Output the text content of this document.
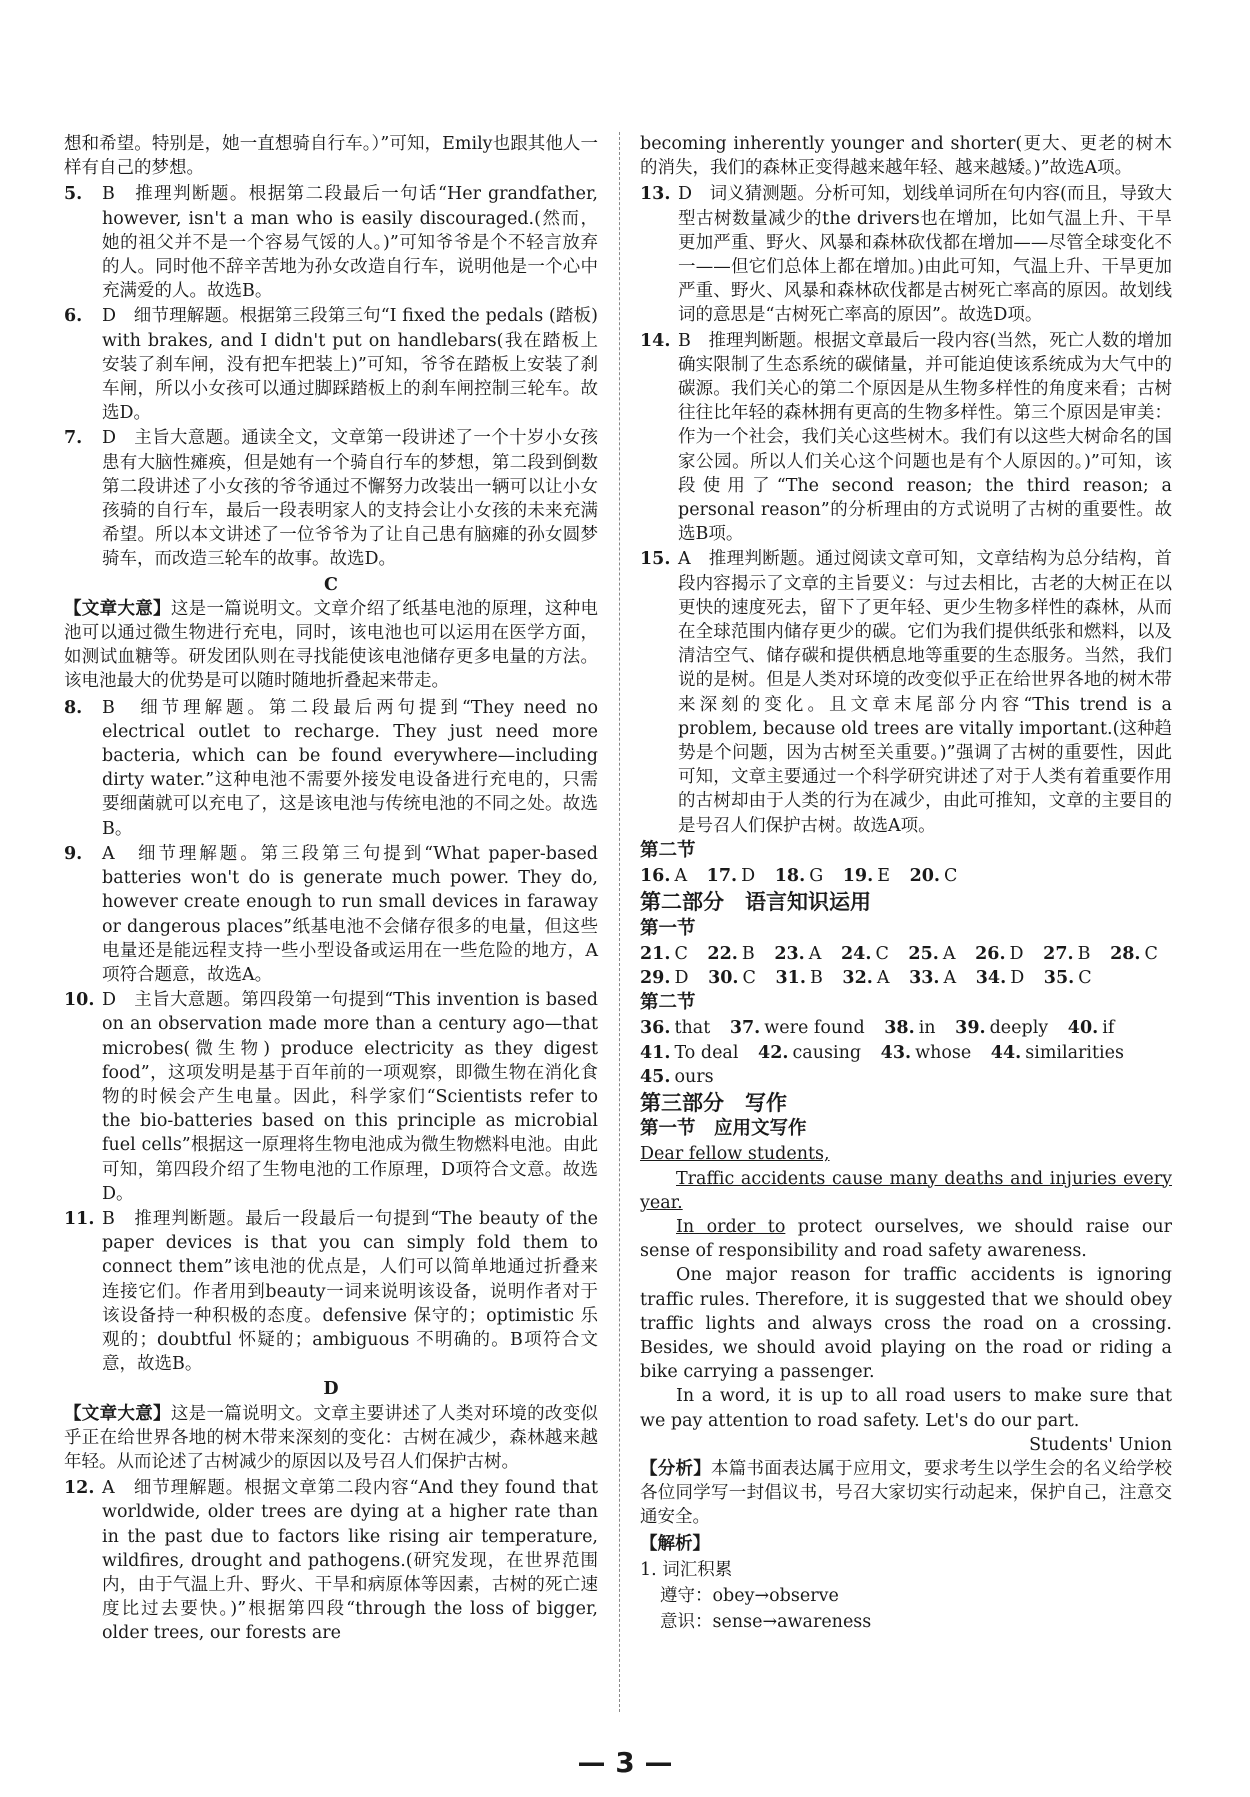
想和希望。特别是，她一直想骑自行车。）”可知，Emily也跟其他人一样有自己的梦想。

5. B　推理判断题。根据第二段最后一句话“Her grandfather, however, isn't a man who is easily discouraged.(然而，她的祖父并不是一个容易气馁的人。)”可知爷爷是个不轻言放弃的人。同时他不辞辛苦地为孙女改造自行车，说明他是一个心中充满爱的人。故选B。
6. D　细节理解题。根据第三段第三句“I fixed the pedals (踏板) with brakes, and I didn't put on handlebars(我在踏板上安装了刹车闸，没有把车把装上)”可知，爷爷在踏板上安装了刹车闸，所以小女孩可以通过脚踩踏板上的刹车闸控制三轮车。故选D。
7. D　主旨大意题。通读全文，文章第一段讲述了一个十岁小女孩患有大脑性瘫痪，但是她有一个骑自行车的梦想，第二段到倒数第二段讲述了小女孩的爷爷通过不懈努力改装出一辆可以让小女孩骑的自行车，最后一段表明家人的支持会让小女孩的未来充满希望。所以本文讲述了一位爷爷为了让自己患有脑瘫的孙女圆梦骑车，而改造三轮车的故事。故选D。

C

【文章大意】这是一篇说明文。文章介绍了纸基电池的原理，这种电池可以通过微生物进行充电，同时，该电池也可以运用在医学方面，如测试血糖等。研发团队则在寻找能使该电池储存更多电量的方法。该电池最大的优势是可以随时随地折叠起来带走。

8. B　细节理解题。第二段最后两句提到“They need no electrical outlet to recharge. They just need more bacteria, which can be found everywhere—including dirty water.”这种电池不需要外接发电设备进行充电的，只需要细菌就可以充电了，这是该电池与传统电池的不同之处。故选B。
9. A　细节理解题。第三段第三句提到“What paper-based batteries won't do is generate much power. They do, however create enough to run small devices in faraway or dangerous places”纸基电池不会储存很多的电量，但这些电量还是能远程支持一些小型设备或运用在一些危险的地方，A项符合题意，故选A。
10. D　主旨大意题。第四段第一句提到“This invention is based on an observation made more than a century ago—that microbes(微生物) produce electricity as they digest food”，这项发明是基于百年前的一项观察，即微生物在消化食物的时候会产生电量。因此，科学家们“Scientists refer to the bio-batteries based on this principle as microbial fuel cells”根据这一原理将生物电池成为微生物燃料电池。由此可知，第四段介绍了生物电池的工作原理，D项符合文意。故选D。
11. B　推理判断题。最后一段最后一句提到“The beauty of the paper devices is that you can simply fold them to connect them”该电池的优点是，人们可以简单地通过折叠来连接它们。作者用到beauty一词来说明该设备，说明作者对于该设备持一种积极的态度。defensive 保守的；optimistic 乐观的；doubtful 怀疑的；ambiguous 不明确的。B项符合文意，故选B。

D

【文章大意】这是一篇说明文。文章主要讲述了人类对环境的改变似乎正在给世界各地的树木带来深刻的变化：古树在减少，森林越来越年轻。从而论述了古树减少的原因以及号召人们保护古树。

12. A　细节理解题。根据文章第二段内容“And they found that worldwide, older trees are dying at a higher rate than in the past due to factors like rising air temperature, wildfires, drought and pathogens.(研究发现，在世界范围内，由于气温上升、野火、干旱和病原体等因素，古树的死亡速度比过去要快。)”根据第四段“through the loss of bigger, older trees, our forests are

becoming inherently younger and shorter(更大、更老的树木的消失，我们的森林正变得越来越年轻、越来越矮。)”故选A项。

13. D　词义猜测题。分析可知，划线单词所在句内容(而且，导致大型古树数量减少的the drivers也在增加，比如气温上升、干旱更加严重、野火、风暴和森林砍伐都在增加——尽管全球变化不一——但它们总体上都在增加。)由此可知，气温上升、干旱更加严重、野火、风暴和森林砍伐都是古树死亡率高的原因。故划线词的意思是“古树死亡率高的原因”。故选D项。
14. B　推理判断题。根据文章最后一段内容(当然，死亡人数的增加确实限制了生态系统的碳储量，并可能迫使该系统成为大气中的碳源。我们关心的第二个原因是从生物多样性的角度来看；古树往往比年轻的森林拥有更高的生物多样性。第三个原因是审美：作为一个社会，我们关心这些树木。我们有以这些大树命名的国家公园。所以人们关心这个问题也是有个人原因的。)”可知，该段使用了“The second reason; the third reason; a personal reason”的分析理由的方式说明了古树的重要性。故选B项。
15. A　推理判断题。通过阅读文章可知，文章结构为总分结构，首段内容揭示了文章的主旨要义：与过去相比，古老的大树正在以更快的速度死去，留下了更年轻、更少生物多样性的森林，从而在全球范围内储存更少的碳。它们为我们提供纸张和燃料，以及清洁空气、储存碳和提供栖息地等重要的生态服务。当然，我们说的是树。但是人类对环境的改变似乎正在给世界各地的树木带来深刻的变化。且文章末尾部分内容“This trend is a problem, because old trees are vitally important.(这种趋势是个问题，因为古树至关重要。)”强调了古树的重要性，因此可知，文章主要通过一个科学研究讲述了对于人类有着重要作用的古树却由于人类的行为在减少，由此可推知，文章的主要目的是号召人们保护古树。故选A项。

第二节

16. A 17. D 18. G 19. E 20. C

第二部分　语言知识运用

第一节

21. C 22. B 23. A 24. C 25. A 26. D 27. B 28. C

29. D 30. C 31. B 32. A 33. A 34. D 35. C

第二节

36. that 37. were found 38. in 39. deeply 40. if

41. To deal 42. causing 43. whose 44. similarities

45. ours

第三部分　写作

第一节　应用文写作

Dear fellow students,

Traffic accidents cause many deaths and injuries every year.

In order to protect ourselves, we should raise our sense of responsibility and road safety awareness.

One major reason for traffic accidents is ignoring traffic rules. Therefore, it is suggested that we should obey traffic lights and always cross the road on a crossing. Besides, we should avoid playing on the road or riding a bike carrying a passenger.

In a word, it is up to all road users to make sure that we pay attention to road safety. Let's do our part.

Students' Union

【分析】本篇书面表达属于应用文，要求考生以学生会的名义给学校各位同学写一封倡议书，号召大家切实行动起来，保护自己，注意交通安全。

【解析】

1. 词汇积累

遵守：obey→observe

意识：sense→awareness

— 3 —
